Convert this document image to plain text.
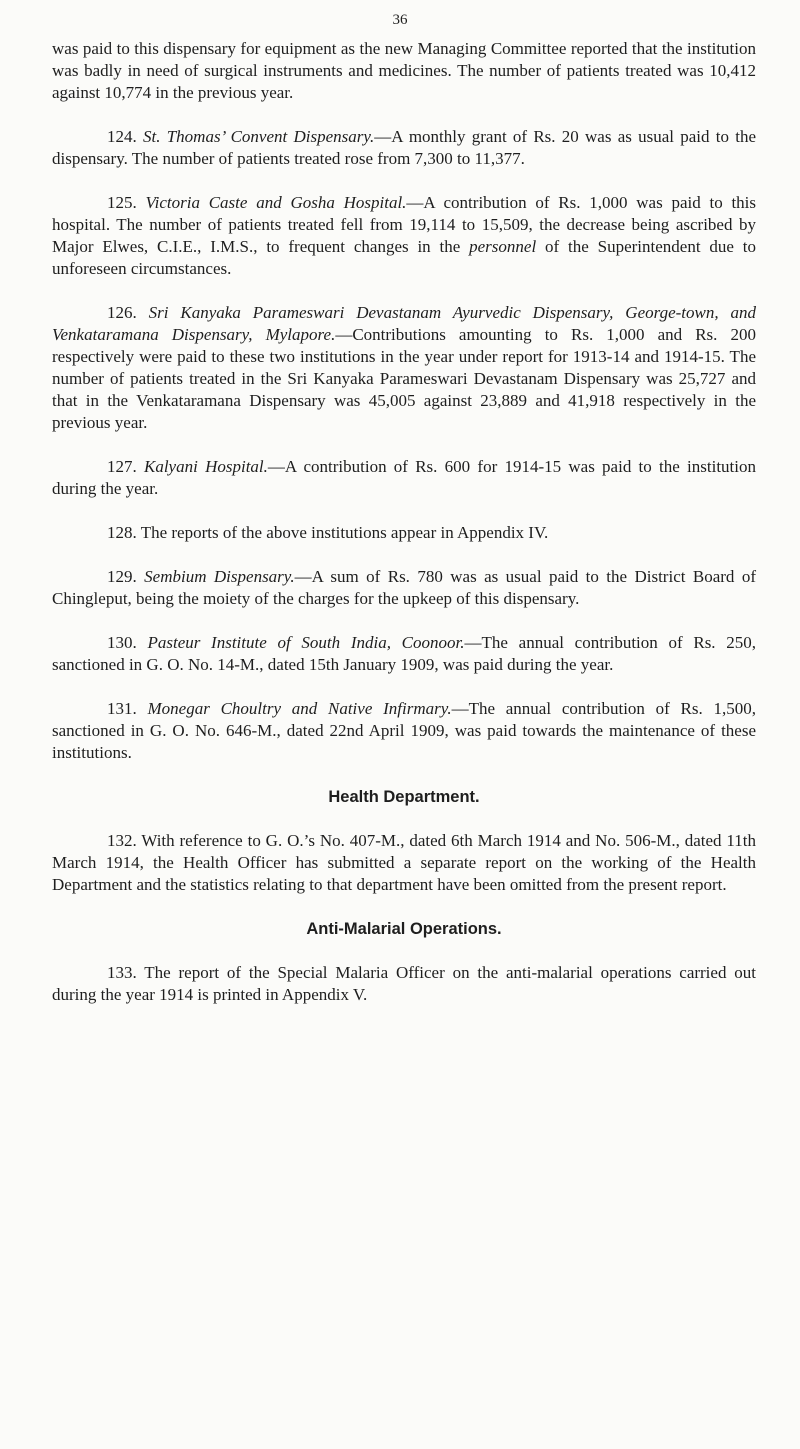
36

was paid to this dispensary for equipment as the new Managing Committee reported that the institution was badly in need of surgical instruments and medicines. The number of patients treated was 10,412 against 10,774 in the previous year.

124. St. Thomas’ Convent Dispensary.—A monthly grant of Rs. 20 was as usual paid to the dispensary. The number of patients treated rose from 7,300 to 11,377.

125. Victoria Caste and Gosha Hospital.—A contribution of Rs. 1,000 was paid to this hospital. The number of patients treated fell from 19,114 to 15,509, the decrease being ascribed by Major Elwes, C.I.E., I.M.S., to frequent changes in the personnel of the Superintendent due to unforeseen circumstances.

126. Sri Kanyaka Parameswari Devastanam Ayurvedic Dispensary, George-town, and Venkataramana Dispensary, Mylapore.—Contributions amounting to Rs. 1,000 and Rs. 200 respectively were paid to these two institutions in the year under report for 1913-14 and 1914-15. The number of patients treated in the Sri Kanyaka Parameswari Devastanam Dispensary was 25,727 and that in the Venkataramana Dispensary was 45,005 against 23,889 and 41,918 respectively in the previous year.

127. Kalyani Hospital.—A contribution of Rs. 600 for 1914-15 was paid to the institution during the year.

128. The reports of the above institutions appear in Appendix IV.

129. Sembium Dispensary.—A sum of Rs. 780 was as usual paid to the District Board of Chingleput, being the moiety of the charges for the upkeep of this dispensary.

130. Pasteur Institute of South India, Coonoor.—The annual contribution of Rs. 250, sanctioned in G. O. No. 14-M., dated 15th January 1909, was paid during the year.

131. Monegar Choultry and Native Infirmary.—The annual contribution of Rs. 1,500, sanctioned in G. O. No. 646-M., dated 22nd April 1909, was paid towards the maintenance of these institutions.

Health Department.

132. With reference to G. O.’s No. 407-M., dated 6th March 1914 and No. 506-M., dated 11th March 1914, the Health Officer has submitted a separate report on the working of the Health Department and the statistics relating to that department have been omitted from the present report.

Anti-Malarial Operations.

133. The report of the Special Malaria Officer on the anti-malarial operations carried out during the year 1914 is printed in Appendix V.
